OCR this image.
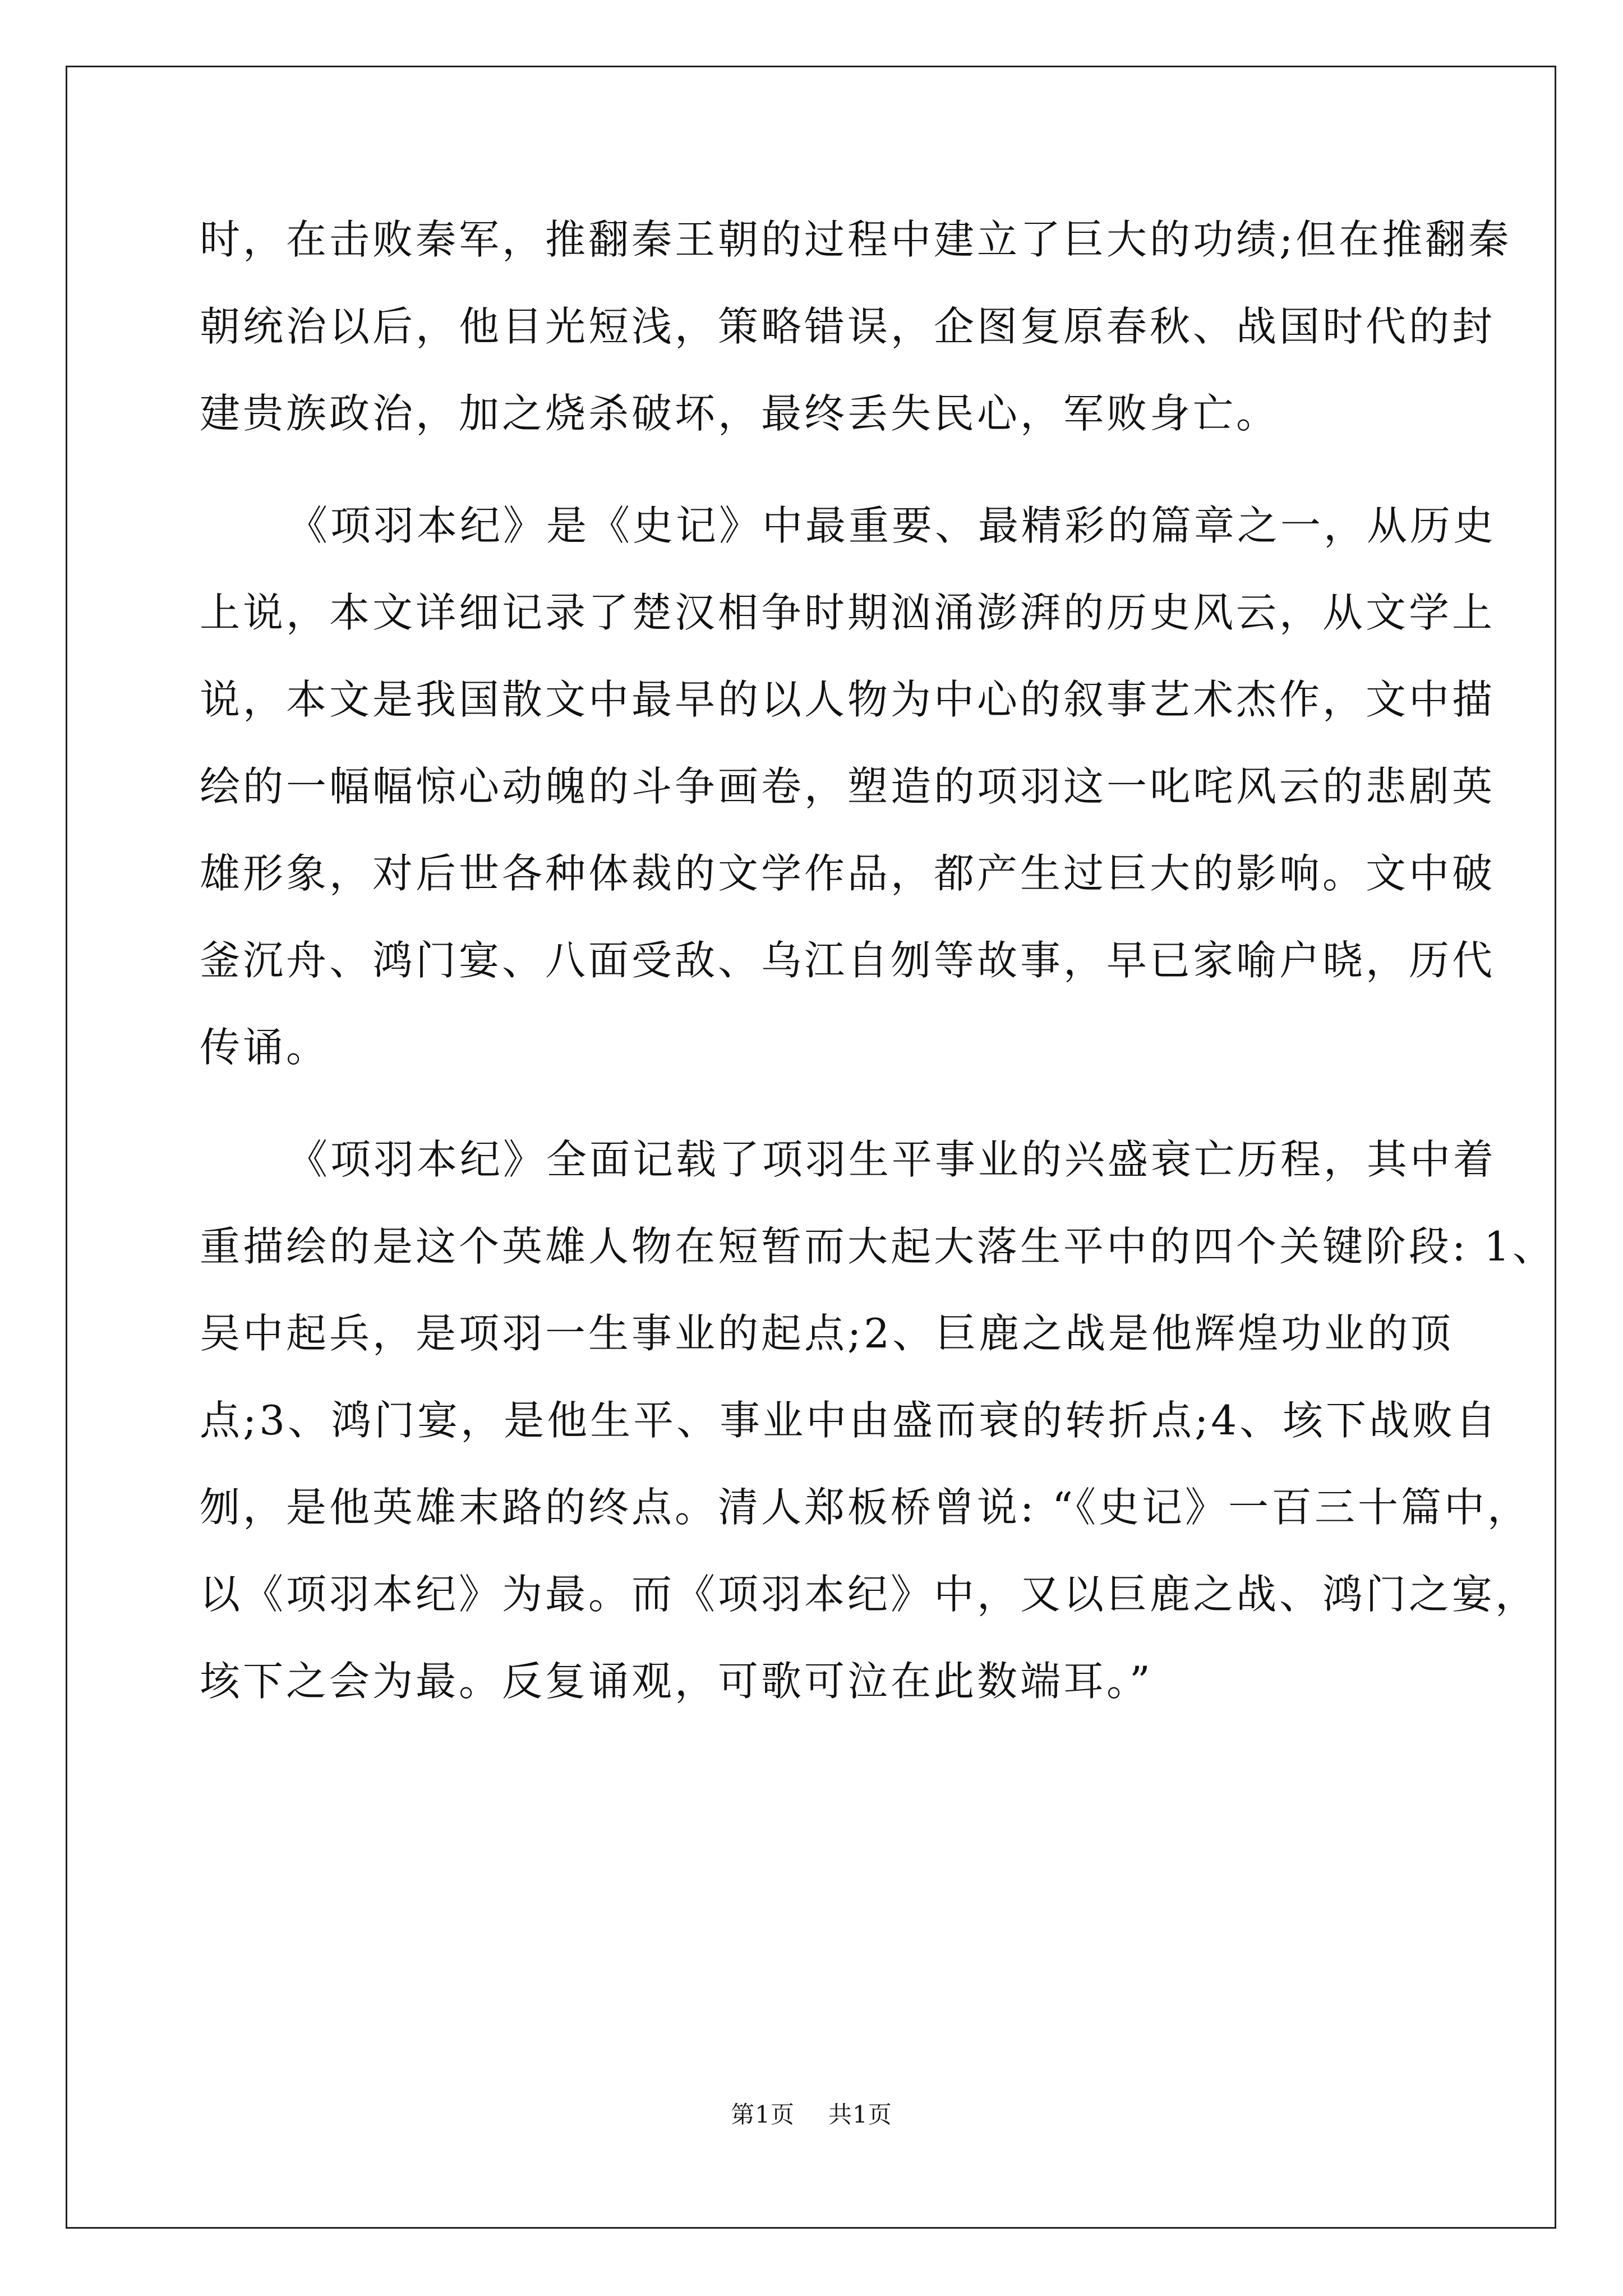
时，在击败秦军，推翻秦王朝的过程中建立了巨大的功绩;但在推翻秦
朝统治以后，他目光短浅，策略错误，企图复原春秋、战国时代的封
建贵族政治，加之烧杀破坏，最终丢失民心，军败身亡。
《项羽本纪》是《史记》中最重要、最精彩的篇章之一，从历史
上说，本文详细记录了楚汉相争时期汹涌澎湃的历史风云，从文学上
说，本文是我国散文中最早的以人物为中心的叙事艺术杰作，文中描
绘的一幅幅惊心动魄的斗争画卷，塑造的项羽这一叱咤风云的悲剧英
雄形象，对后世各种体裁的文学作品，都产生过巨大的影响。文中破
釜沉舟、鸿门宴、八面受敌、乌江自刎等故事，早已家喻户晓，历代
传诵。
《项羽本纪》全面记载了项羽生平事业的兴盛衰亡历程，其中着
重描绘的是这个英雄人物在短暂而大起大落生平中的四个关键阶段: 1、
吴中起兵，是项羽一生事业的起点;2、巨鹿之战是他辉煌功业的顶
点;3、鸿门宴，是他生平、事业中由盛而衰的转折点;4、垓下战败自
刎，是他英雄末路的终点。清人郑板桥曾说: “《史记》一百三十篇中，
以《项羽本纪》为最。而《项羽本纪》中，又以巨鹿之战、鸿门之宴，
垓下之会为最。反复诵观，可歌可泣在此数端耳。”
第1页 共1页
